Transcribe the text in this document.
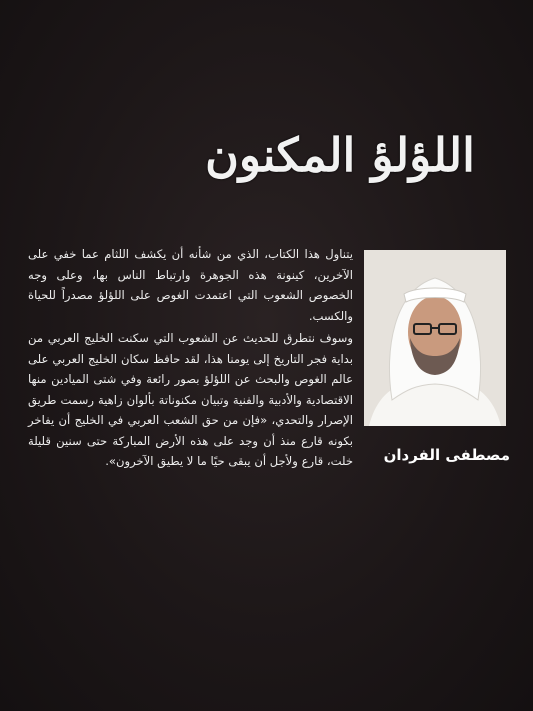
اللؤلؤ المكنون
مصطفى الفردان

يتناول هذا الكتاب، الذي من شأنه أن يكشف اللثام عما خفي على الآخرين، كينونة هذه الجوهرة وارتباط الناس بها، وعلى وجه الخصوص الشعوب التي اعتمدت الغوص على اللؤلؤ مصدراً للحياة والكسب.

وسوف نتطرق للحديث عن الشعوب التي سكنت الخليج العربي من بداية فجر التاريخ إلى يومنا هذا، لقد حافظ سكان الخليج العربي على عالم الغوص والبحث عن اللؤلؤ بصور رائعة وفي شتى الميادين منها الاقتصادية والأدبية والفنية وتبيان مكنوناتة بألوان زاهية رسمت طريق الإصرار والتحدي، «فإن من حق الشعب العربي في الخليج أن يفاخر بكونه قارع منذ أن وجد على هذه الأرض المباركة حتى سنين قليلة خلت، قارع ولأجل أن يبقى حيًا ما لا يطيق الآخرون».
